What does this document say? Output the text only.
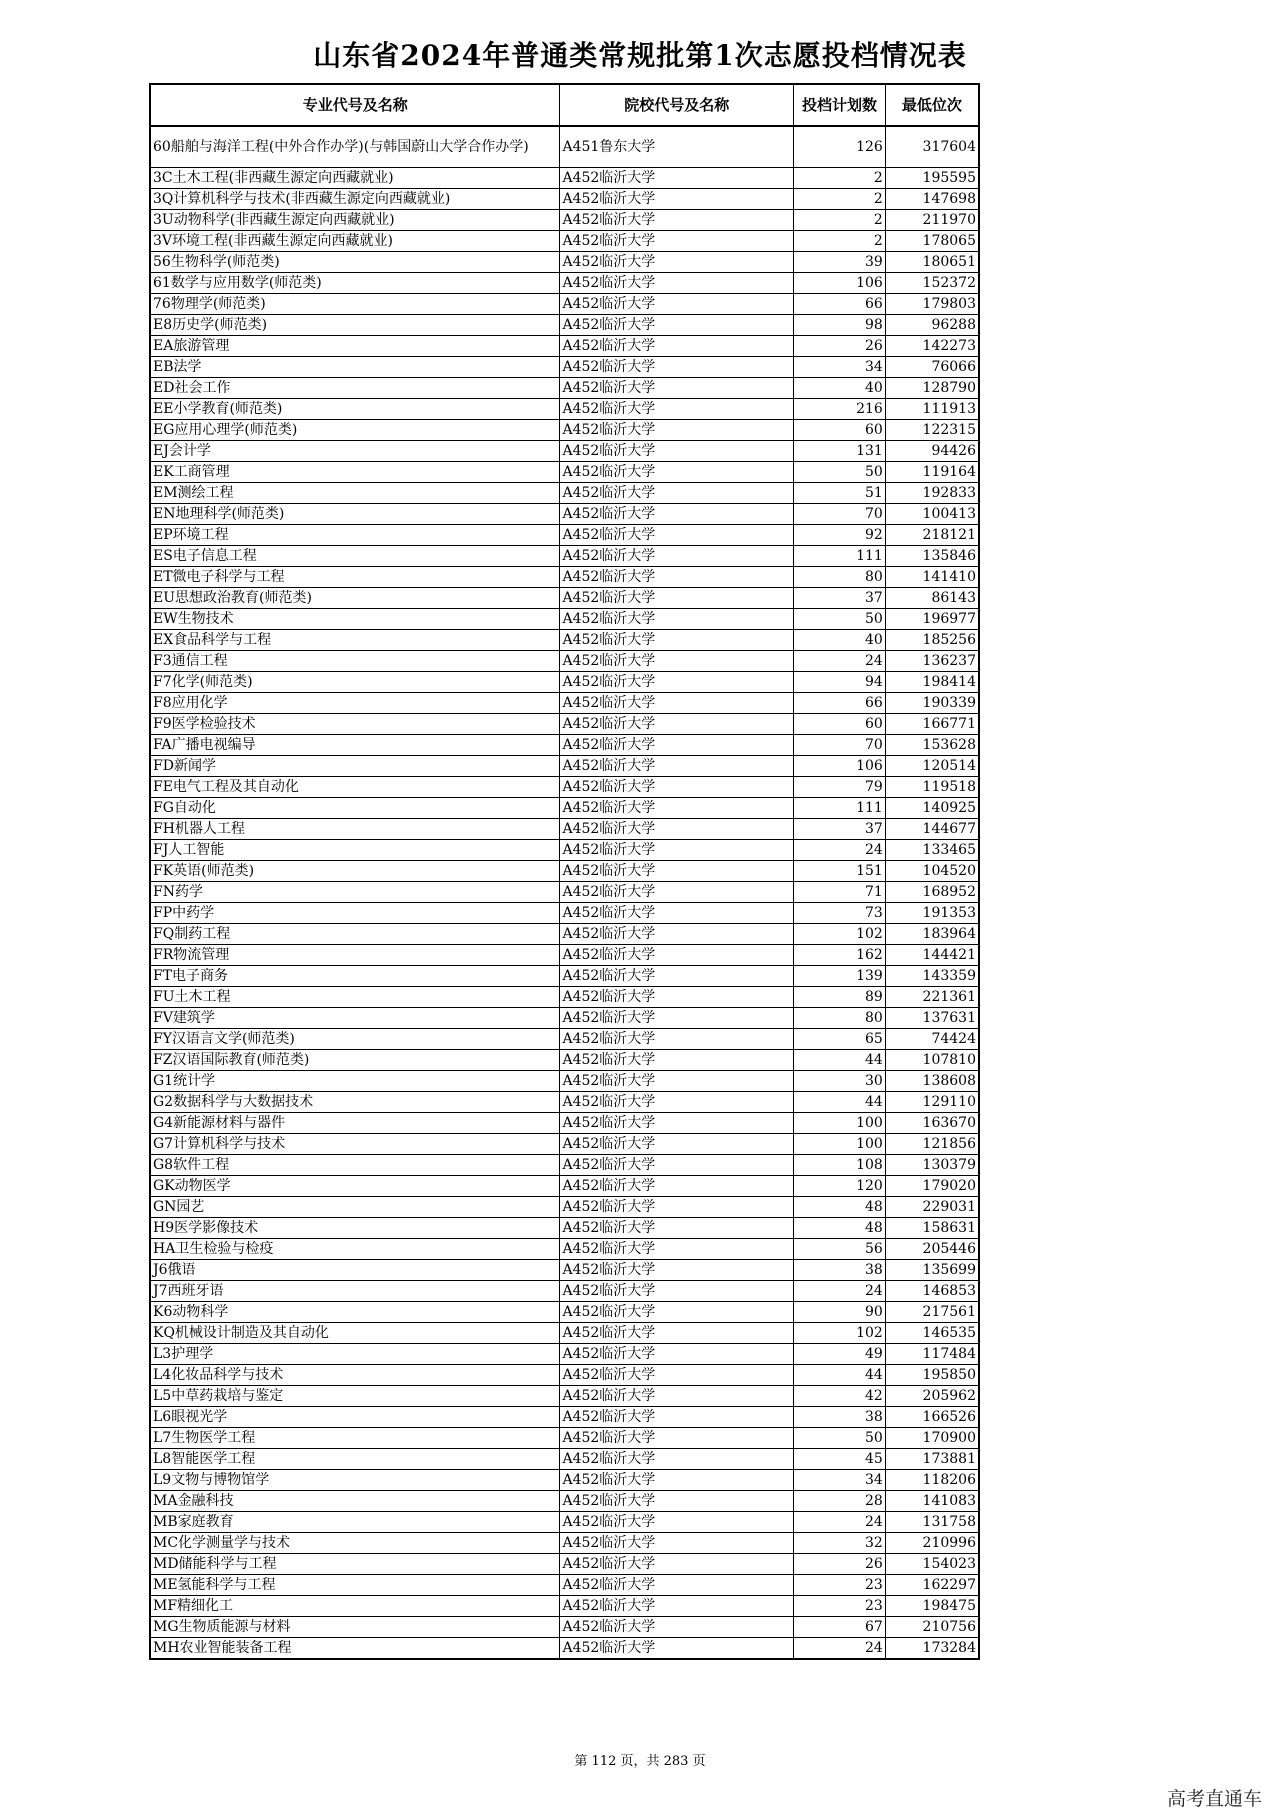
山东省2024年普通类常规批第1次志愿投档情况表
专业代号及名称	院校代号及名称	投档计划数	最低位次
60船舶与海洋工程(中外合作办学)(与韩国蔚山大学合作办学)	A451鲁东大学	126	317604
3C土木工程(非西藏生源定向西藏就业)	A452临沂大学	2	195595
3Q计算机科学与技术(非西藏生源定向西藏就业)	A452临沂大学	2	147698
3U动物科学(非西藏生源定向西藏就业)	A452临沂大学	2	211970
3V环境工程(非西藏生源定向西藏就业)	A452临沂大学	2	178065
56生物科学(师范类)	A452临沂大学	39	180651
61数学与应用数学(师范类)	A452临沂大学	106	152372
76物理学(师范类)	A452临沂大学	66	179803
E8历史学(师范类)	A452临沂大学	98	96288
EA旅游管理	A452临沂大学	26	142273
EB法学	A452临沂大学	34	76066
ED社会工作	A452临沂大学	40	128790
EE小学教育(师范类)	A452临沂大学	216	111913
EG应用心理学(师范类)	A452临沂大学	60	122315
EJ会计学	A452临沂大学	131	94426
EK工商管理	A452临沂大学	50	119164
EM测绘工程	A452临沂大学	51	192833
EN地理科学(师范类)	A452临沂大学	70	100413
EP环境工程	A452临沂大学	92	218121
ES电子信息工程	A452临沂大学	111	135846
ET微电子科学与工程	A452临沂大学	80	141410
EU思想政治教育(师范类)	A452临沂大学	37	86143
EW生物技术	A452临沂大学	50	196977
EX食品科学与工程	A452临沂大学	40	185256
F3通信工程	A452临沂大学	24	136237
F7化学(师范类)	A452临沂大学	94	198414
F8应用化学	A452临沂大学	66	190339
F9医学检验技术	A452临沂大学	60	166771
FA广播电视编导	A452临沂大学	70	153628
FD新闻学	A452临沂大学	106	120514
FE电气工程及其自动化	A452临沂大学	79	119518
FG自动化	A452临沂大学	111	140925
FH机器人工程	A452临沂大学	37	144677
FJ人工智能	A452临沂大学	24	133465
FK英语(师范类)	A452临沂大学	151	104520
FN药学	A452临沂大学	71	168952
FP中药学	A452临沂大学	73	191353
FQ制药工程	A452临沂大学	102	183964
FR物流管理	A452临沂大学	162	144421
FT电子商务	A452临沂大学	139	143359
FU土木工程	A452临沂大学	89	221361
FV建筑学	A452临沂大学	80	137631
FY汉语言文学(师范类)	A452临沂大学	65	74424
FZ汉语国际教育(师范类)	A452临沂大学	44	107810
G1统计学	A452临沂大学	30	138608
G2数据科学与大数据技术	A452临沂大学	44	129110
G4新能源材料与器件	A452临沂大学	100	163670
G7计算机科学与技术	A452临沂大学	100	121856
G8软件工程	A452临沂大学	108	130379
GK动物医学	A452临沂大学	120	179020
GN园艺	A452临沂大学	48	229031
H9医学影像技术	A452临沂大学	48	158631
HA卫生检验与检疫	A452临沂大学	56	205446
J6俄语	A452临沂大学	38	135699
J7西班牙语	A452临沂大学	24	146853
K6动物科学	A452临沂大学	90	217561
KQ机械设计制造及其自动化	A452临沂大学	102	146535
L3护理学	A452临沂大学	49	117484
L4化妆品科学与技术	A452临沂大学	44	195850
L5中草药栽培与鉴定	A452临沂大学	42	205962
L6眼视光学	A452临沂大学	38	166526
L7生物医学工程	A452临沂大学	50	170900
L8智能医学工程	A452临沂大学	45	173881
L9文物与博物馆学	A452临沂大学	34	118206
MA金融科技	A452临沂大学	28	141083
MB家庭教育	A452临沂大学	24	131758
MC化学测量学与技术	A452临沂大学	32	210996
MD储能科学与工程	A452临沂大学	26	154023
ME氢能科学与工程	A452临沂大学	23	162297
MF精细化工	A452临沂大学	23	198475
MG生物质能源与材料	A452临沂大学	67	210756
MH农业智能装备工程	A452临沂大学	24	173284
第 112 页，共 283 页
高考直通车
